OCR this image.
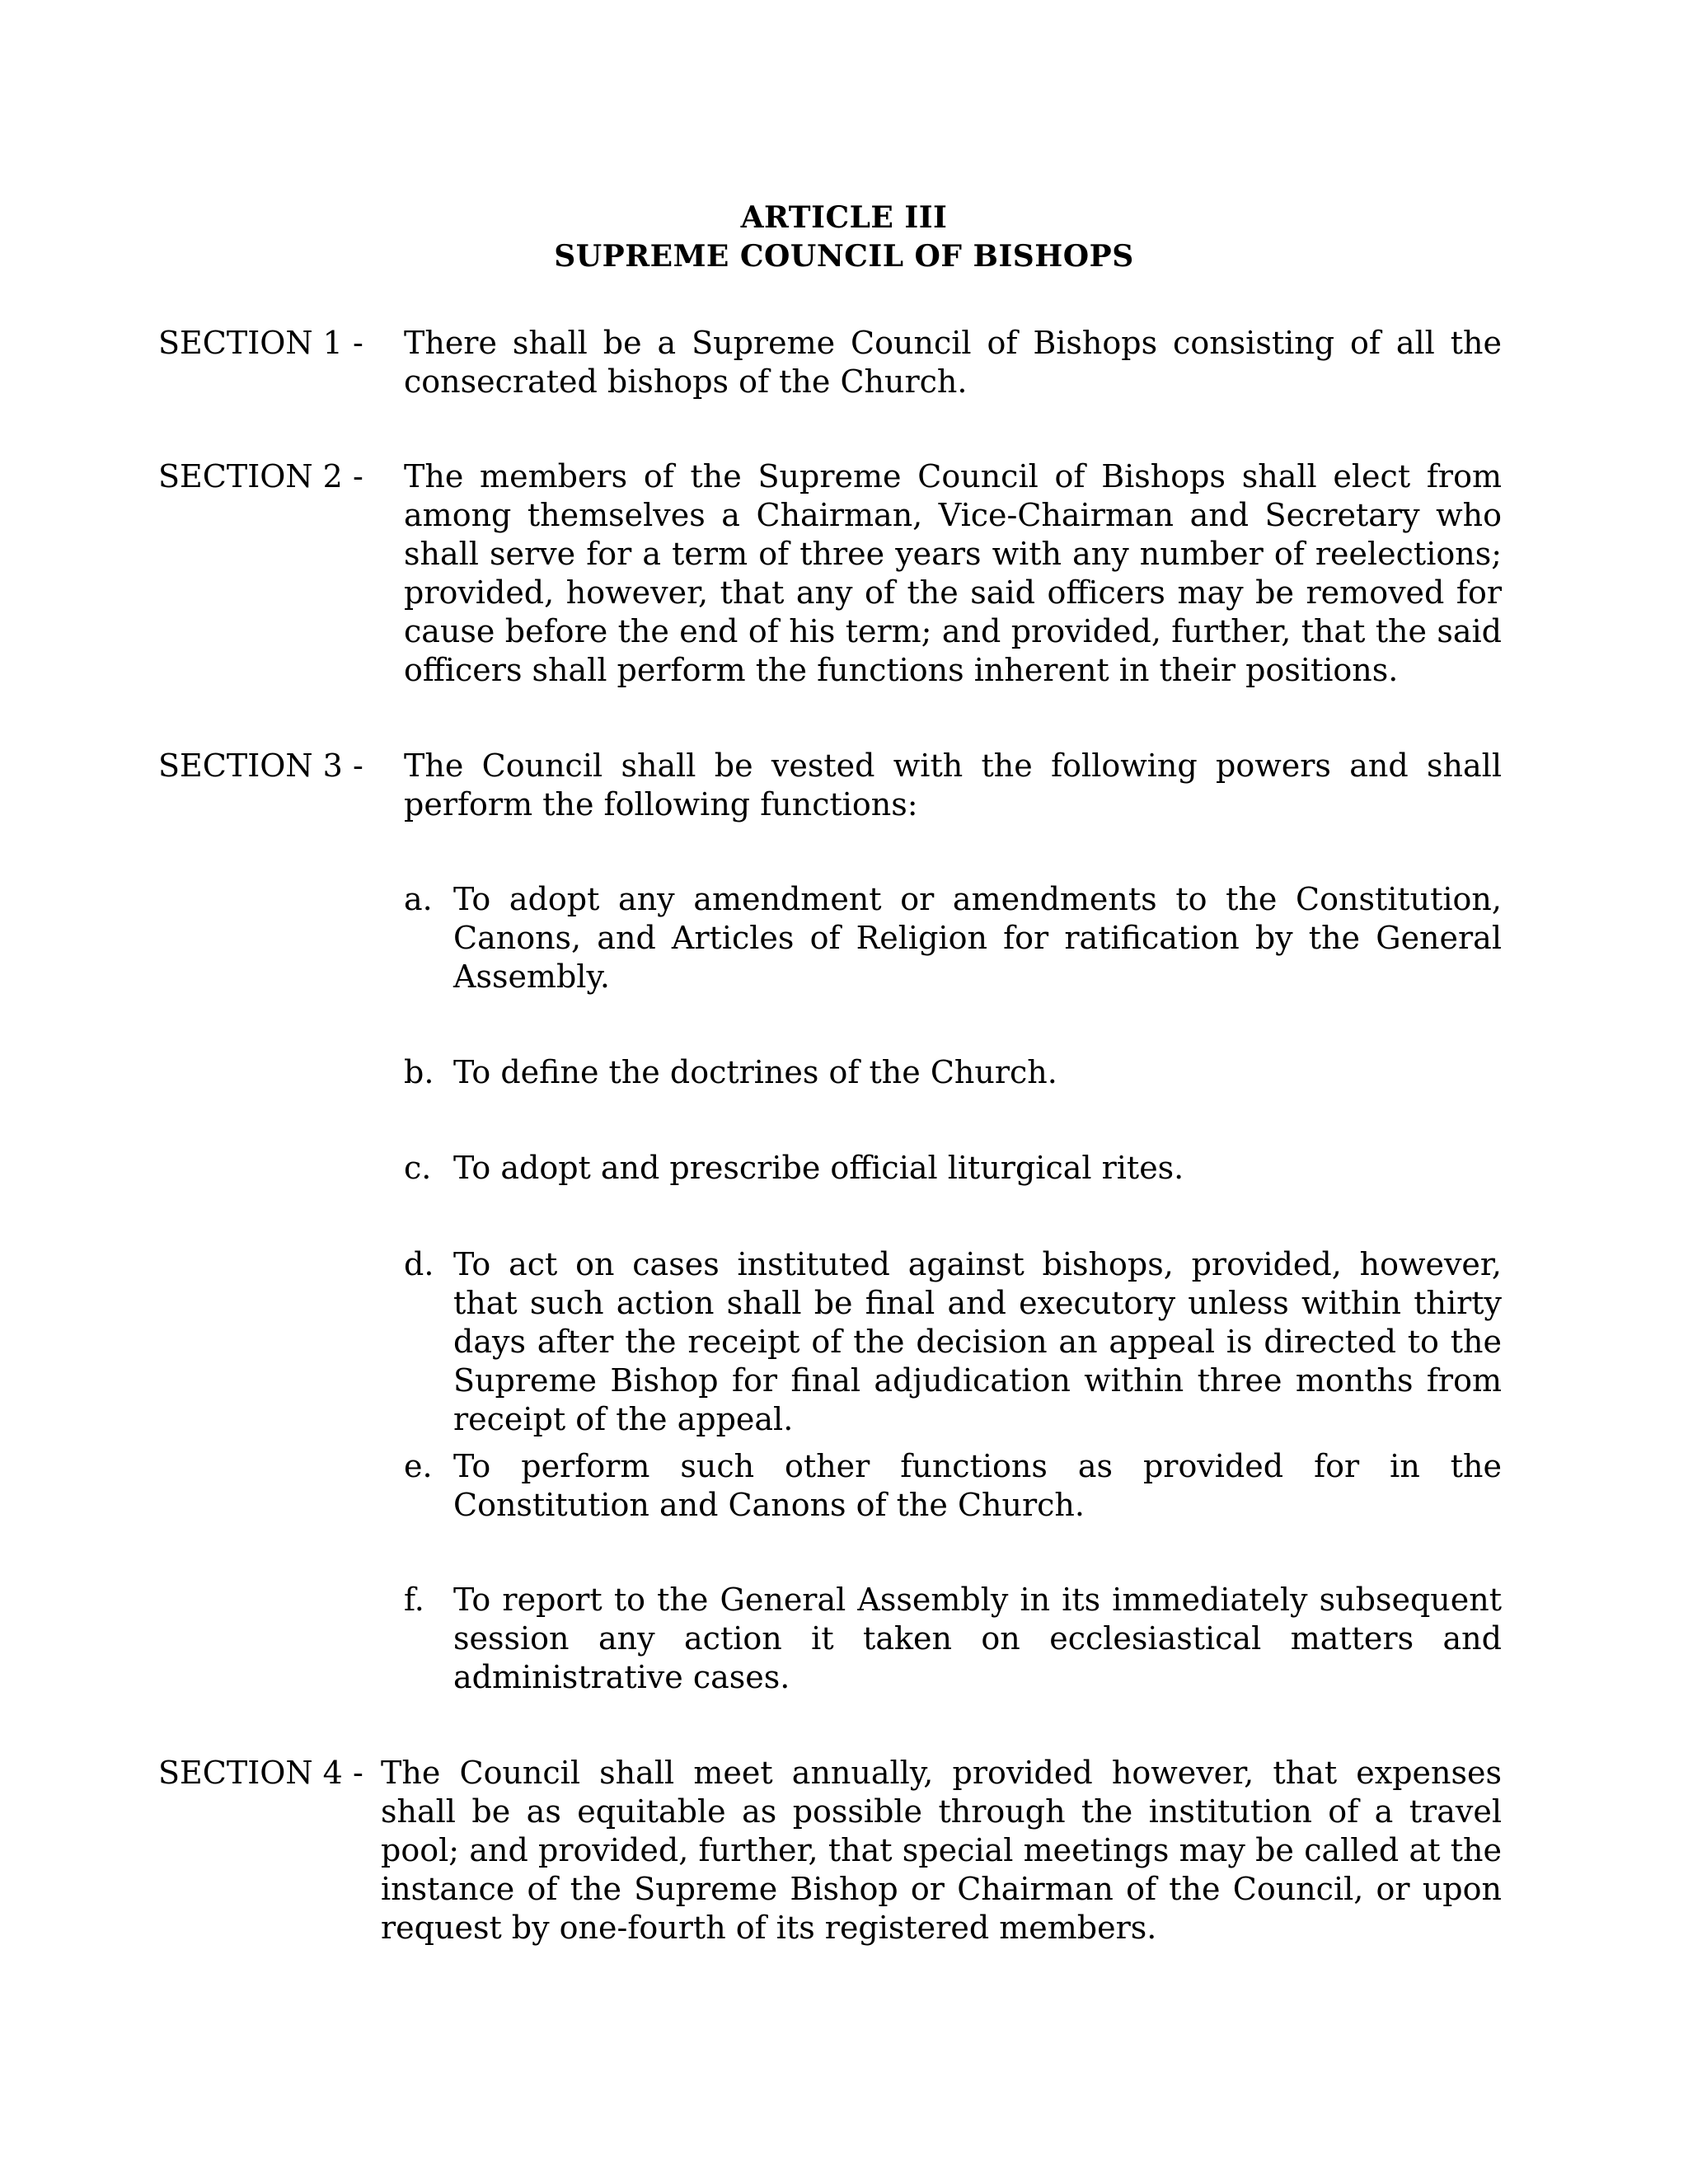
ARTICLE III
SUPREME COUNCIL OF BISHOPS
SECTION 1 - There shall be a Supreme Council of Bishops consisting of all the consecrated bishops of the Church.
SECTION 2 - The members of the Supreme Council of Bishops shall elect from among themselves a Chairman, Vice-Chairman and Secretary who shall serve for a term of three years with any number of reelections; provided, however, that any of the said officers may be removed for cause before the end of his term; and provided, further, that the said officers shall perform the functions inherent in their positions.
SECTION 3 - The Council shall be vested with the following powers and shall perform the following functions:
a. To adopt any amendment or amendments to the Constitution, Canons, and Articles of Religion for ratification by the General Assembly.
b. To define the doctrines of the Church.
c. To adopt and prescribe official liturgical rites.
d. To act on cases instituted against bishops, provided, however, that such action shall be final and executory unless within thirty days after the receipt of the decision an appeal is directed to the Supreme Bishop for final adjudication within three months from receipt of the appeal.
e. To perform such other functions as provided for in the Constitution and Canons of the Church.
f. To report to the General Assembly in its immediately subsequent session any action it taken on ecclesiastical matters and administrative cases.
SECTION 4 - The Council shall meet annually, provided however, that expenses shall be as equitable as possible through the institution of a travel pool; and provided, further, that special meetings may be called at the instance of the Supreme Bishop or Chairman of the Council, or upon request by one-fourth of its registered members.
